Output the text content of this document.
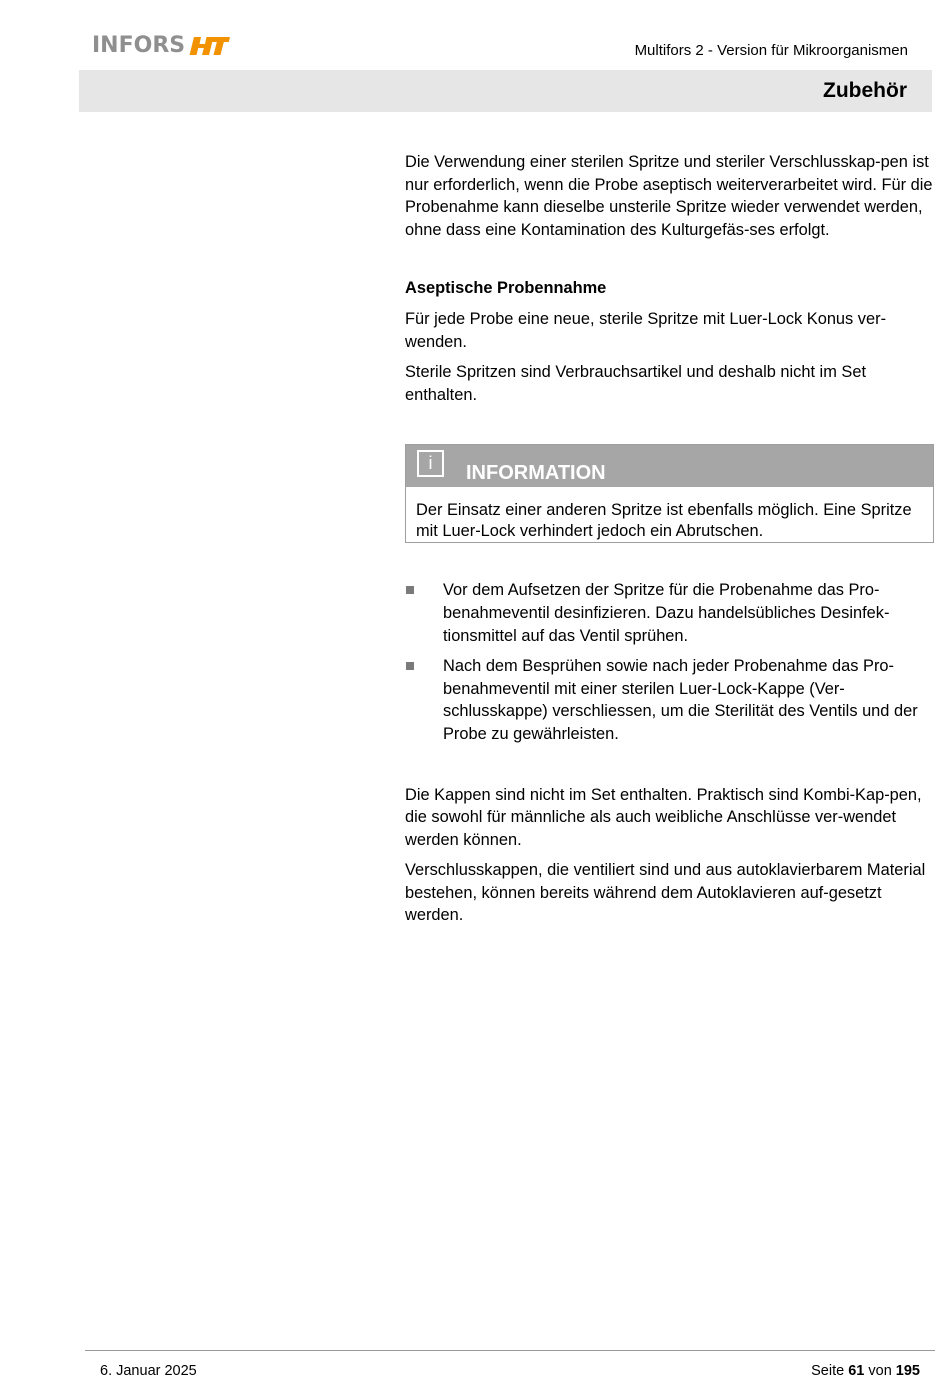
INFORS	Multifors 2 - Version für Mikroorganismen
Zubehör

Die Verwendung einer sterilen Spritze und steriler Verschlusskap-pen ist nur erforderlich, wenn die Probe aseptisch weiterverarbeitet wird. Für die Probenahme kann dieselbe unsterile Spritze wieder verwendet werden, ohne dass eine Kontamination des Kulturgefäs-ses erfolgt.

Aseptische Probennahme

Für jede Probe eine neue, sterile Spritze mit Luer-Lock Konus ver-wenden.

Sterile Spritzen sind Verbrauchsartikel und deshalb nicht im Set enthalten.

i	INFORMATION
Der Einsatz einer anderen Spritze ist ebenfalls möglich. Eine Spritze mit Luer-Lock verhindert jedoch ein Abrutschen.
Vor dem Aufsetzen der Spritze für die Probenahme das Pro-benahmeventil desinfizieren. Dazu handelsübliches Desinfek-tionsmittel auf das Ventil sprühen.
Nach dem Besprühen sowie nach jeder Probenahme das Pro-benahmeventil mit einer sterilen Luer-Lock-Kappe (Ver-schlusskappe) verschliessen, um die Sterilität des Ventils und der Probe zu gewährleisten.

Die Kappen sind nicht im Set enthalten. Praktisch sind Kombi-Kap-pen, die sowohl für männliche als auch weibliche Anschlüsse ver-wendet werden können.

Verschlusskappen, die ventiliert sind und aus autoklavierbarem Material bestehen, können bereits während dem Autoklavieren auf-gesetzt werden.

6. Januar 2025	Seite 61 von 195
